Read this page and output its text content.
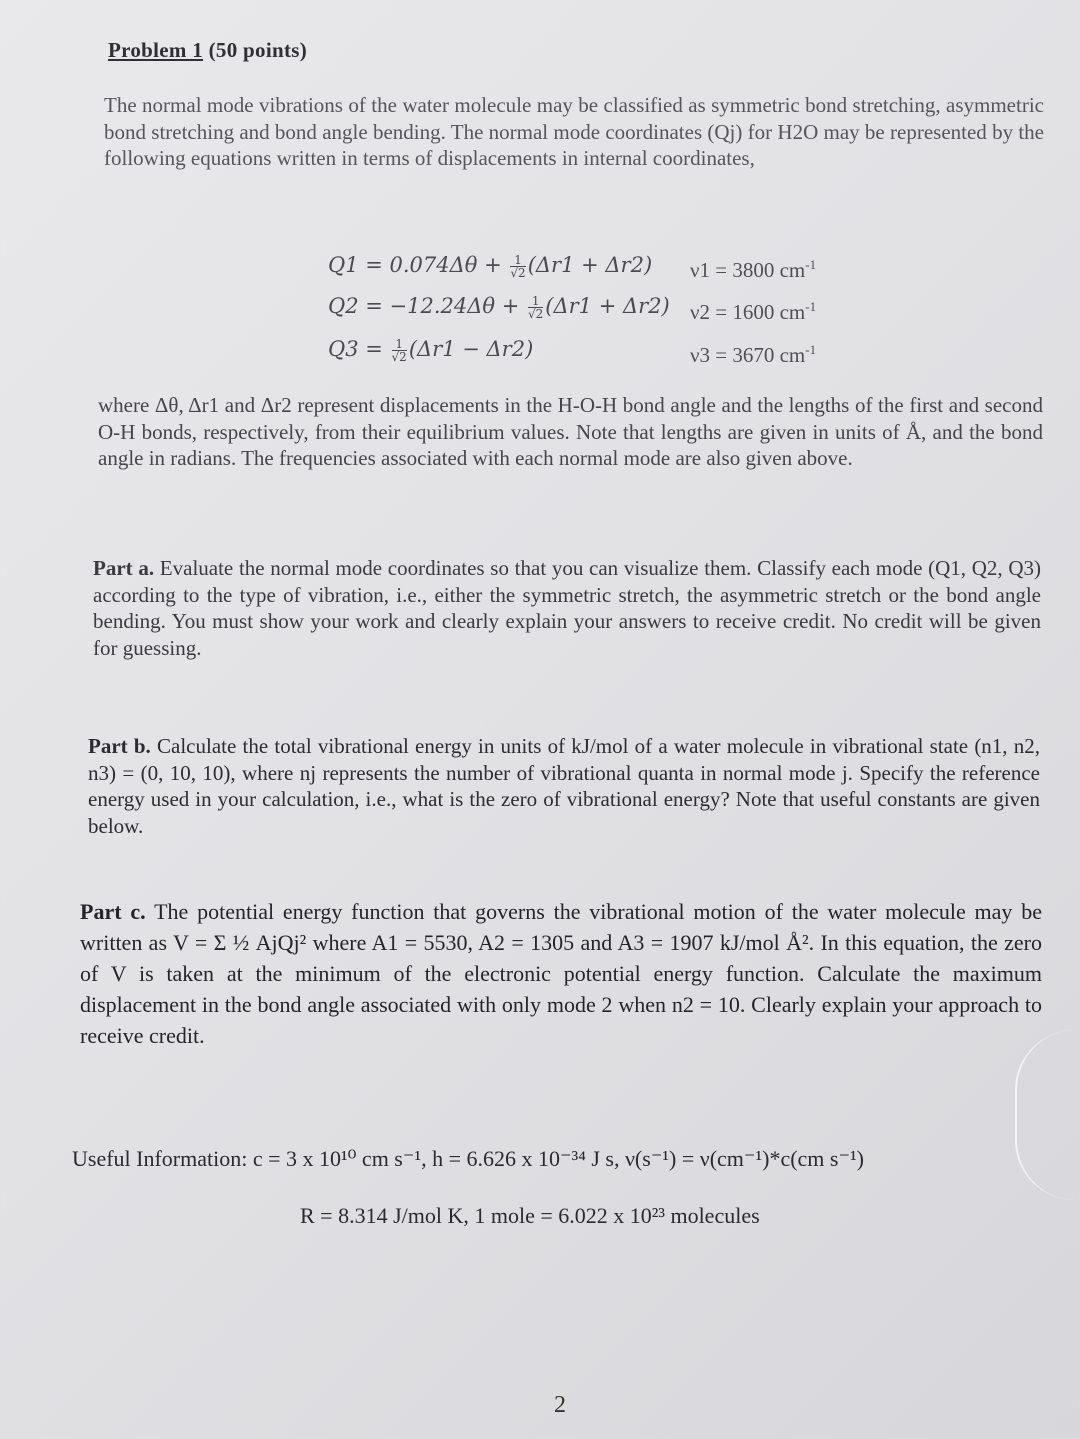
Problem 1 (50 points)
The normal mode vibrations of the water molecule may be classified as symmetric bond stretching, asymmetric bond stretching and bond angle bending. The normal mode coordinates (Qj) for H2O may be represented by the following equations written in terms of displacements in internal coordinates,
$Q1 = 0.074\Delta\theta + \frac{1}{√2} (\Delta r1 + \Delta r2)$
$Q2 = -12.24\Delta\theta + \frac{1}{√2} (\Delta r1 + \Delta r2)$
$Q3 = \frac{1}{√2} (\Delta r1 - \Delta r2)$
ν1 = 3800 $cm^{-1}$
ν2 = 1600 $cm^{-1}$
ν3 = 3670 $cm^{-1}$
where Δθ, Δr1 and Δr2 represent displacements in the H-O-H bond angle and the lengths of the first and second O-H bonds, respectively, from their equilibrium values. Note that lengths are given in units of Å, and the bond angle in radians. The frequencies associated with each normal mode are also given above.
Part a. Evaluate the normal mode coordinates so that you can visualize them. Classify each mode (Q1, Q2, Q3) according to the type of vibration, i.e., either the symmetric stretch, the asymmetric stretch or the bond angle bending. You must show your work and clearly explain your answers to receive credit. No credit will be given for guessing.
Part b. Calculate the total vibrational energy in units of kJ/mol of a water molecule in vibrational state (n1, n2, n3) = (0, 10, 10), where nj represents the number of vibrational quanta in normal mode j. Specify the reference energy used in your calculation, i.e., what is the zero of vibrational energy? Note that useful constants are given below.
Part c. The potential energy function that governs the vibrational motion of the water molecule may be written as V = Σ ½ AjQj² where A1 = 5530, A2 = 1305 and A3 = 1907 kJ/mol Å². In this equation, the zero of V is taken at the minimum of the electronic potential energy function. Calculate the maximum displacement in the bond angle associated with only mode 2 when n2 = 10. Clearly explain your approach to receive credit.
Useful Information: c = 3 x 10¹⁰ cm s⁻¹, h = 6.626 x 10⁻³⁴ J s, ν(s⁻¹) = ν(cm⁻¹)*c(cm s⁻¹)
R = 8.314 J/mol K, 1 mole = 6.022 x 10²³ molecules
2
